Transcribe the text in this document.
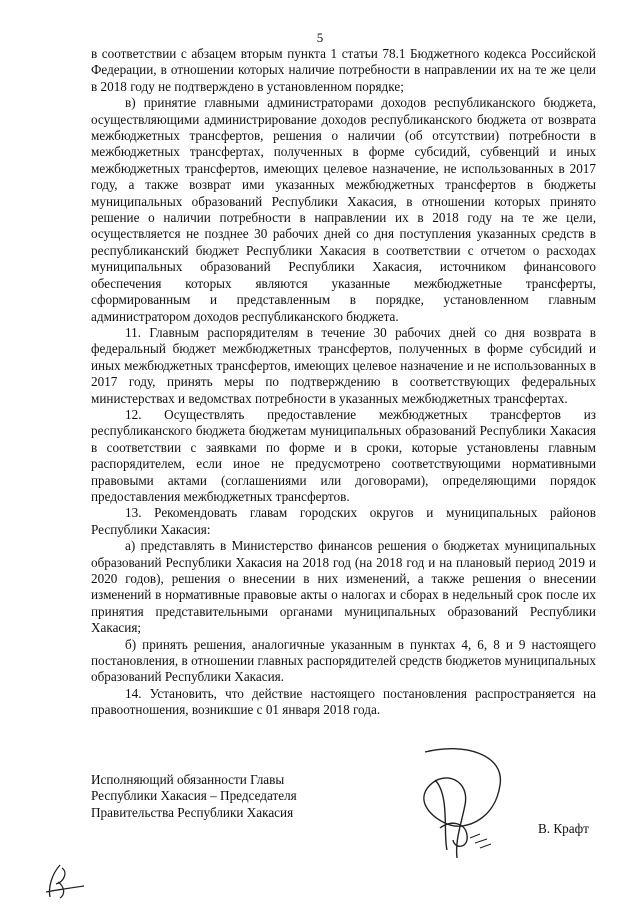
5

в соответствии с абзацем вторым пункта 1 статьи 78.1 Бюджетного кодекса Российской Федерации, в отношении которых наличие потребности в направлении их на те же цели в 2018 году не подтверждено в установленном порядке;

в) принятие главными администраторами доходов республиканского бюджета, осуществляющими администрирование доходов республиканского бюджета от возврата межбюджетных трансфертов, решения о наличии (об отсутствии) потребности в межбюджетных трансфертах, полученных в форме субсидий, субвенций и иных межбюджетных трансфертов, имеющих целевое назначение, не использованных в 2017 году, а также возврат ими указанных межбюджетных трансфертов в бюджеты муниципальных образований Республики Хакасия, в отношении которых принято решение о наличии потребности в направлении их в 2018 году на те же цели, осуществляется не позднее 30 рабочих дней со дня поступления указанных средств в республиканский бюджет Республики Хакасия в соответствии с отчетом о расходах муниципальных образований Республики Хакасия, источником финансового обеспечения которых являются указанные межбюджетные трансферты, сформированным и представленным в порядке, установленном главным администратором доходов республиканского бюджета.

11. Главным распорядителям в течение 30 рабочих дней со дня возврата в федеральный бюджет межбюджетных трансфертов, полученных в форме субсидий и иных межбюджетных трансфертов, имеющих целевое назначение и не использованных в 2017 году, принять меры по подтверждению в соответствующих федеральных министерствах и ведомствах потребности в указанных межбюджетных трансфертах.

12. Осуществлять предоставление межбюджетных трансфертов из республиканского бюджета бюджетам муниципальных образований Республики Хакасия в соответствии с заявками по форме и в сроки, которые установлены главным распорядителем, если иное не предусмотрено соответствующими нормативными правовыми актами (соглашениями или договорами), определяющими порядок предоставления межбюджетных трансфертов.

13. Рекомендовать главам городских округов и муниципальных районов Республики Хакасия:

а) представлять в Министерство финансов решения о бюджетах муниципальных образований Республики Хакасия на 2018 год (на 2018 год и на плановый период 2019 и 2020 годов), решения о внесении в них изменений, а также решения о внесении изменений в нормативные правовые акты о налогах и сборах в недельный срок после их принятия представительными органами муниципальных образований Республики Хакасия;

б) принять решения, аналогичные указанным в пунктах 4, 6, 8 и 9 настоящего постановления, в отношении главных распорядителей средств бюджетов муниципальных образований Республики Хакасия.

14. Установить, что действие настоящего постановления распространяется на правоотношения, возникшие с 01 января 2018 года.

Исполняющий обязанности Главы
Республики Хакасия – Председателя
Правительства Республики Хакасия
В. Крафт
